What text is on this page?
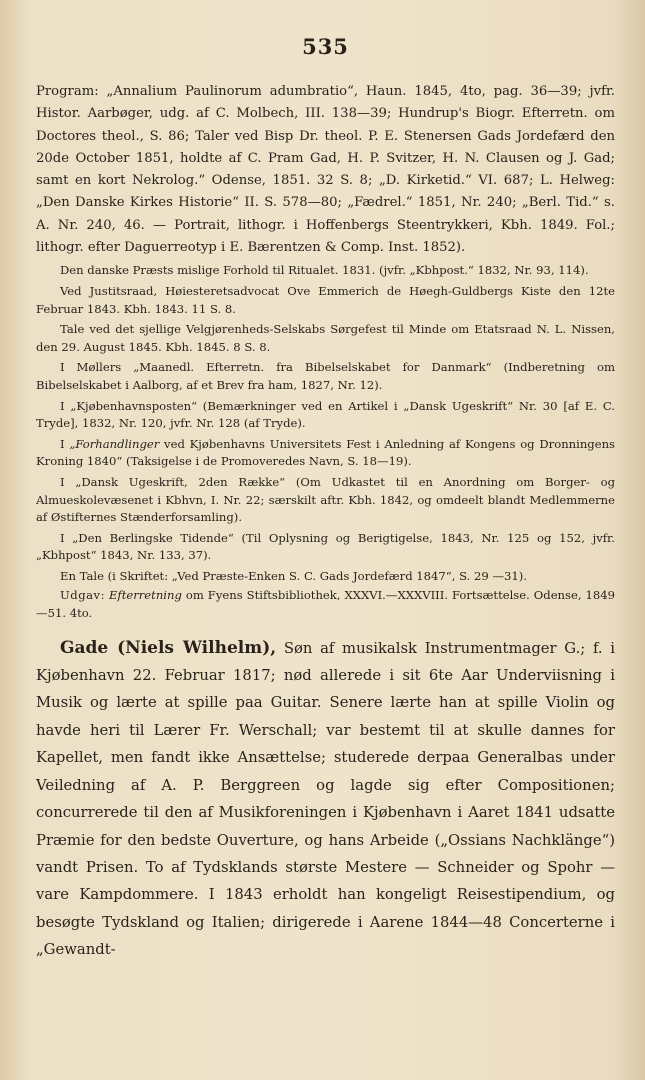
535

Program: „Annalium Paulinorum adumbratio“, Haun. 1845, 4to, pag. 36—39; jvfr. Histor. Aarbøger, udg. af C. Molbech, III. 138—39; Hundrup's Biogr. Efterretn. om Doctores theol., S. 86; Taler ved Bisp Dr. theol. P. E. Stenersen Gads Jordefærd den 20de October 1851, holdte af C. Pram Gad, H. P. Svitzer, H. N. Clausen og J. Gad; samt en kort Nekrolog.“ Odense, 1851. 32 S. 8; „D. Kirketid.“ VI. 687; L. Helweg: „Den Danske Kirkes Historie“ II. S. 578—80; „Fædrel.“ 1851, Nr. 240; „Berl. Tid.“ s. A. Nr. 240, 46. — Portrait, lithogr. i Hoffenbergs Steentrykkeri, Kbh. 1849. Fol.; lithogr. efter Daguerreotyp i E. Bærentzen & Comp. Inst. 1852).

Den danske Præsts mislige Forhold til Ritualet. 1831. (jvfr. „Kbhpost.“ 1832, Nr. 93, 114).

Ved Justitsraad, Høiesteretsadvocat Ove Emmerich de Høegh-Guldbergs Kiste den 12te Februar 1843. Kbh. 1843. 11 S. 8.

Tale ved det sjellige Velgjørenheds-Selskabs Sørgefest til Minde om Etatsraad N. L. Nissen, den 29. August 1845. Kbh. 1845. 8 S. 8.

I Møllers „Maanedl. Efterretn. fra Bibelselskabet for Danmark“ (Indberetning om Bibelselskabet i Aalborg, af et Brev fra ham, 1827, Nr. 12).

I „Kjøbenhavnsposten“ (Bemærkninger ved en Artikel i „Dansk Ugeskrift“ Nr. 30 [af E. C. Tryde], 1832, Nr. 120, jvfr. Nr. 128 (af Tryde).

I „Forhandlinger ved Kjøbenhavns Universitets Fest i Anledning af Kongens og Dronningens Kroning 1840“ (Taksigelse i de Promoveredes Navn, S. 18—19).

I „Dansk Ugeskrift, 2den Række“ (Om Udkastet til en Anordning om Borger- og Almueskolevæsenet i Kbhvn, I. Nr. 22; særskilt aftr. Kbh. 1842, og omdeelt blandt Medlemmerne af Østifternes Stænderforsamling).

I „Den Berlingske Tidende“ (Til Oplysning og Berigtigelse, 1843, Nr. 125 og 152, jvfr. „Kbhpost“ 1843, Nr. 133, 37).

En Tale (i Skriftet: „Ved Præste-Enken S. C. Gads Jordefærd 1847“, S. 29 —31).

Udgav: Efterretning om Fyens Stiftsbibliothek, XXXVI.—XXXVIII. Fortsættelse. Odense, 1849—51. 4to.

Gade (Niels Wilhelm), Søn af musikalsk Instrumentmager G.; f. i Kjøbenhavn 22. Februar 1817; nød allerede i sit 6te Aar Underviisning i Musik og lærte at spille paa Guitar. Senere lærte han at spille Violin og havde heri til Lærer Fr. Werschall; var bestemt til at skulle dannes for Kapellet, men fandt ikke Ansættelse; studerede derpaa Generalbas under Veiledning af A. P. Berggreen og lagde sig efter Compositionen; concurrerede til den af Musikforeningen i Kjøbenhavn i Aaret 1841 udsatte Præmie for den bedste Ouverture, og hans Arbeide („Ossians Nachklänge“) vandt Prisen. To af Tydsklands største Mestere — Schneider og Spohr — vare Kampdommere. I 1843 erholdt han kongeligt Reisestipendium, og besøgte Tydskland og Italien; dirigerede i Aarene 1844—48 Concerterne i „Gewandt-
